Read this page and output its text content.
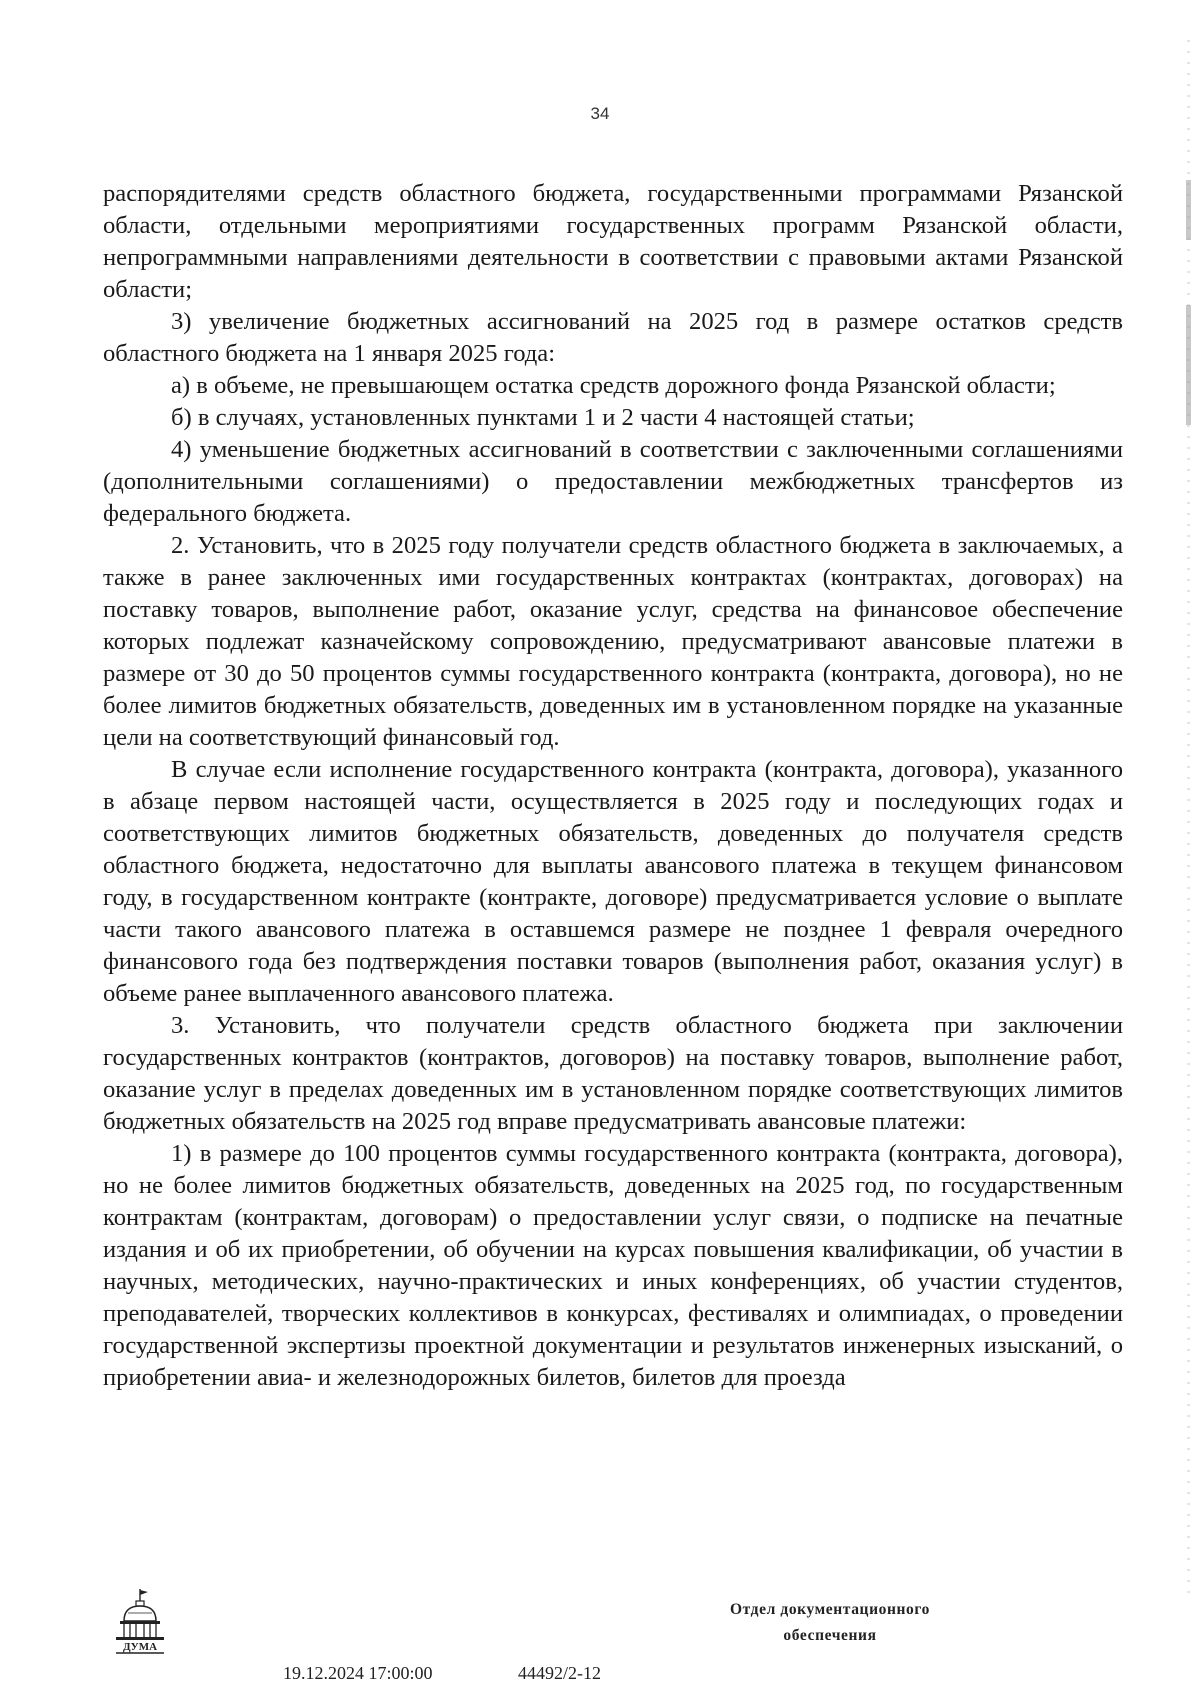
34

распорядителями средств областного бюджета, государственными программами Рязанской области, отдельными мероприятиями государственных программ Рязанской области, непрограммными направлениями деятельности в соответствии с правовыми актами Рязанской области;

3) увеличение бюджетных ассигнований на 2025 год в размере остатков средств областного бюджета на 1 января 2025 года:

а) в объеме, не превышающем остатка средств дорожного фонда Рязанской области;

б) в случаях, установленных пунктами 1 и 2 части 4 настоящей статьи;

4) уменьшение бюджетных ассигнований в соответствии с заключенными соглашениями (дополнительными соглашениями) о предоставлении межбюджетных трансфертов из федерального бюджета.

2. Установить, что в 2025 году получатели средств областного бюджета в заключаемых, а также в ранее заключенных ими государственных контрактах (контрактах, договорах) на поставку товаров, выполнение работ, оказание услуг, средства на финансовое обеспечение которых подлежат казначейскому сопровождению, предусматривают авансовые платежи в размере от 30 до 50 процентов суммы государственного контракта (контракта, договора), но не более лимитов бюджетных обязательств, доведенных им в установленном порядке на указанные цели на соответствующий финансовый год.

В случае если исполнение государственного контракта (контракта, договора), указанного в абзаце первом настоящей части, осуществляется в 2025 году и последующих годах и соответствующих лимитов бюджетных обязательств, доведенных до получателя средств областного бюджета, недостаточно для выплаты авансового платежа в текущем финансовом году, в государственном контракте (контракте, договоре) предусматривается условие о выплате части такого авансового платежа в оставшемся размере не позднее 1 февраля очередного финансового года без подтверждения поставки товаров (выполнения работ, оказания услуг) в объеме ранее выплаченного авансового платежа.

3. Установить, что получатели средств областного бюджета при заключении государственных контрактов (контрактов, договоров) на поставку товаров, выполнение работ, оказание услуг в пределах доведенных им в установленном порядке соответствующих лимитов бюджетных обязательств на 2025 год вправе предусматривать авансовые платежи:

1) в размере до 100 процентов суммы государственного контракта (контракта, договора), но не более лимитов бюджетных обязательств, доведенных на 2025 год, по государственным контрактам (контрактам, договорам) о предоставлении услуг связи, о подписке на печатные издания и об их приобретении, об обучении на курсах повышения квалификации, об участии в научных, методических, научно-практических и иных конференциях, об участии студентов, преподавателей, творческих коллективов в конкурсах, фестивалях и олимпиадах, о проведении государственной экспертизы проектной документации и результатов инженерных изысканий, о приобретении авиа- и железнодорожных билетов, билетов для проезда

ДУМА
19.12.2024 17:00:00	44492/2-12
Отдел документационного
обеспечения
